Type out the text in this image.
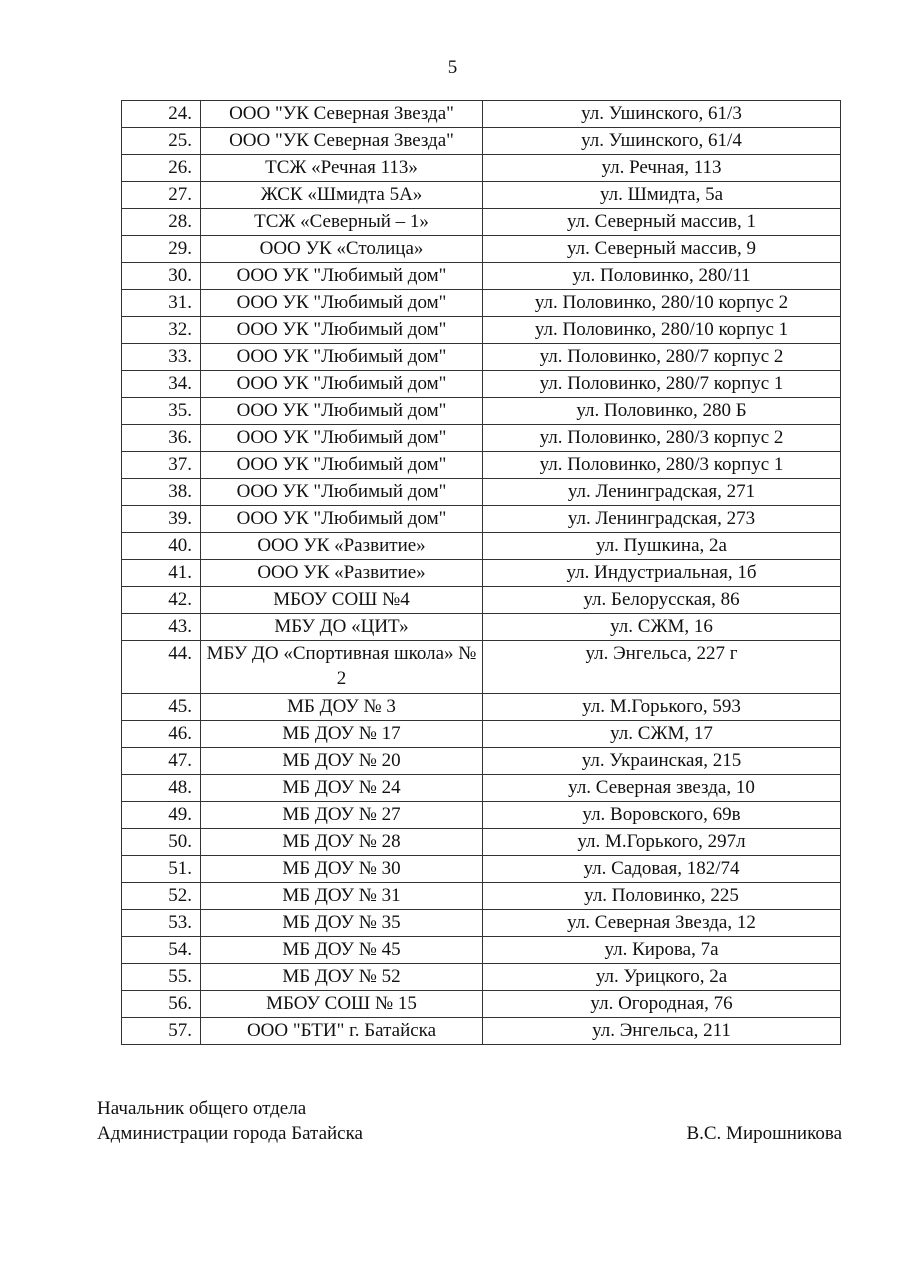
5
24.	ООО "УК Северная Звезда"	ул. Ушинского, 61/3
25.	ООО "УК Северная Звезда"	ул. Ушинского, 61/4
26.	ТСЖ «Речная 113»	ул. Речная, 113
27.	ЖСК «Шмидта 5А»	ул. Шмидта, 5а
28.	ТСЖ «Северный – 1»	ул. Северный массив, 1
29.	ООО УК «Столица»	ул. Северный массив, 9
30.	ООО УК "Любимый дом"	ул. Половинко, 280/11
31.	ООО УК "Любимый дом"	ул. Половинко, 280/10 корпус 2
32.	ООО УК "Любимый дом"	ул. Половинко, 280/10 корпус 1
33.	ООО УК "Любимый дом"	ул. Половинко, 280/7 корпус 2
34.	ООО УК "Любимый дом"	ул. Половинко, 280/7 корпус 1
35.	ООО УК "Любимый дом"	ул. Половинко, 280 Б
36.	ООО УК "Любимый дом"	ул. Половинко, 280/3 корпус 2
37.	ООО УК "Любимый дом"	ул. Половинко, 280/3 корпус 1
38.	ООО УК "Любимый дом"	ул. Ленинградская, 271
39.	ООО УК "Любимый дом"	ул. Ленинградская, 273
40.	ООО УК «Развитие»	ул. Пушкина, 2а
41.	ООО УК «Развитие»	ул. Индустриальная, 1б
42.	МБОУ СОШ №4	ул. Белорусская, 86
43.	МБУ ДО «ЦИТ»	ул. СЖМ, 16
44.	МБУ ДО «Спортивная школа» № 2	ул. Энгельса, 227 г
45.	МБ ДОУ № 3	ул. М.Горького, 593
46.	МБ ДОУ № 17	ул. СЖМ, 17
47.	МБ ДОУ № 20	ул. Украинская, 215
48.	МБ ДОУ № 24	ул. Северная звезда, 10
49.	МБ ДОУ № 27	ул. Воровского, 69в
50.	МБ ДОУ № 28	ул. М.Горького, 297л
51.	МБ ДОУ № 30	ул. Садовая, 182/74
52.	МБ ДОУ № 31	ул. Половинко, 225
53.	МБ ДОУ № 35	ул. Северная Звезда, 12
54.	МБ ДОУ № 45	ул. Кирова, 7а
55.	МБ ДОУ № 52	ул. Урицкого, 2а
56.	МБОУ СОШ № 15	ул. Огородная, 76
57.	ООО "БТИ" г. Батайска	ул. Энгельса, 211
Начальник общего отдела
Администрации города Батайска	В.С. Мирошникова
